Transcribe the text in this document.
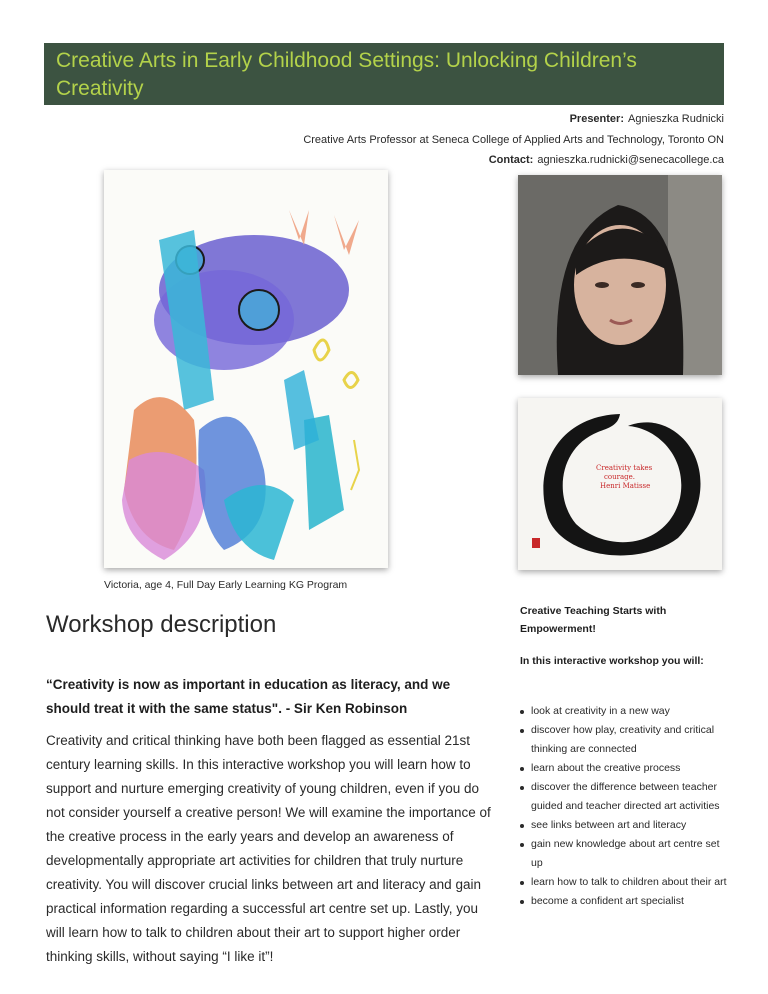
Creative Arts in Early Childhood Settings: Unlocking Children’s Creativity
Presenter: Agnieszka Rudnicki
Creative Arts Professor at Seneca College of Applied Arts and Technology, Toronto ON
Contact: agnieszka.rudnicki@senecacollege.ca
Victoria, age 4, Full Day Early Learning KG Program
Creativity takes
courage.
Henri Matisse
Workshop description
“Creativity is now as important in education as literacy, and we should treat it with the same status". - Sir Ken Robinson
Creativity and critical thinking have both been flagged as essential 21st century learning skills. In this interactive workshop you will learn how to support and nurture emerging creativity of young children, even if you do not consider yourself a creative person! We will examine the importance of the creative process in the early years and develop an awareness of developmentally appropriate art activities for children that truly nurture creativity. You will discover crucial links between art and literacy and gain practical information regarding a successful art centre set up. Lastly, you will learn how to talk to children about their art to support higher order thinking skills, without saying “I like it”!
Creative Teaching Starts with Empowerment!
In this interactive workshop you will:
look at creativity in a new way
discover how play, creativity and critical thinking are connected
learn about the creative process
discover the difference between teacher guided and teacher directed art activities
see links between art and literacy
gain new knowledge about art centre set up
learn how to talk to children about their art
become a confident art specialist
